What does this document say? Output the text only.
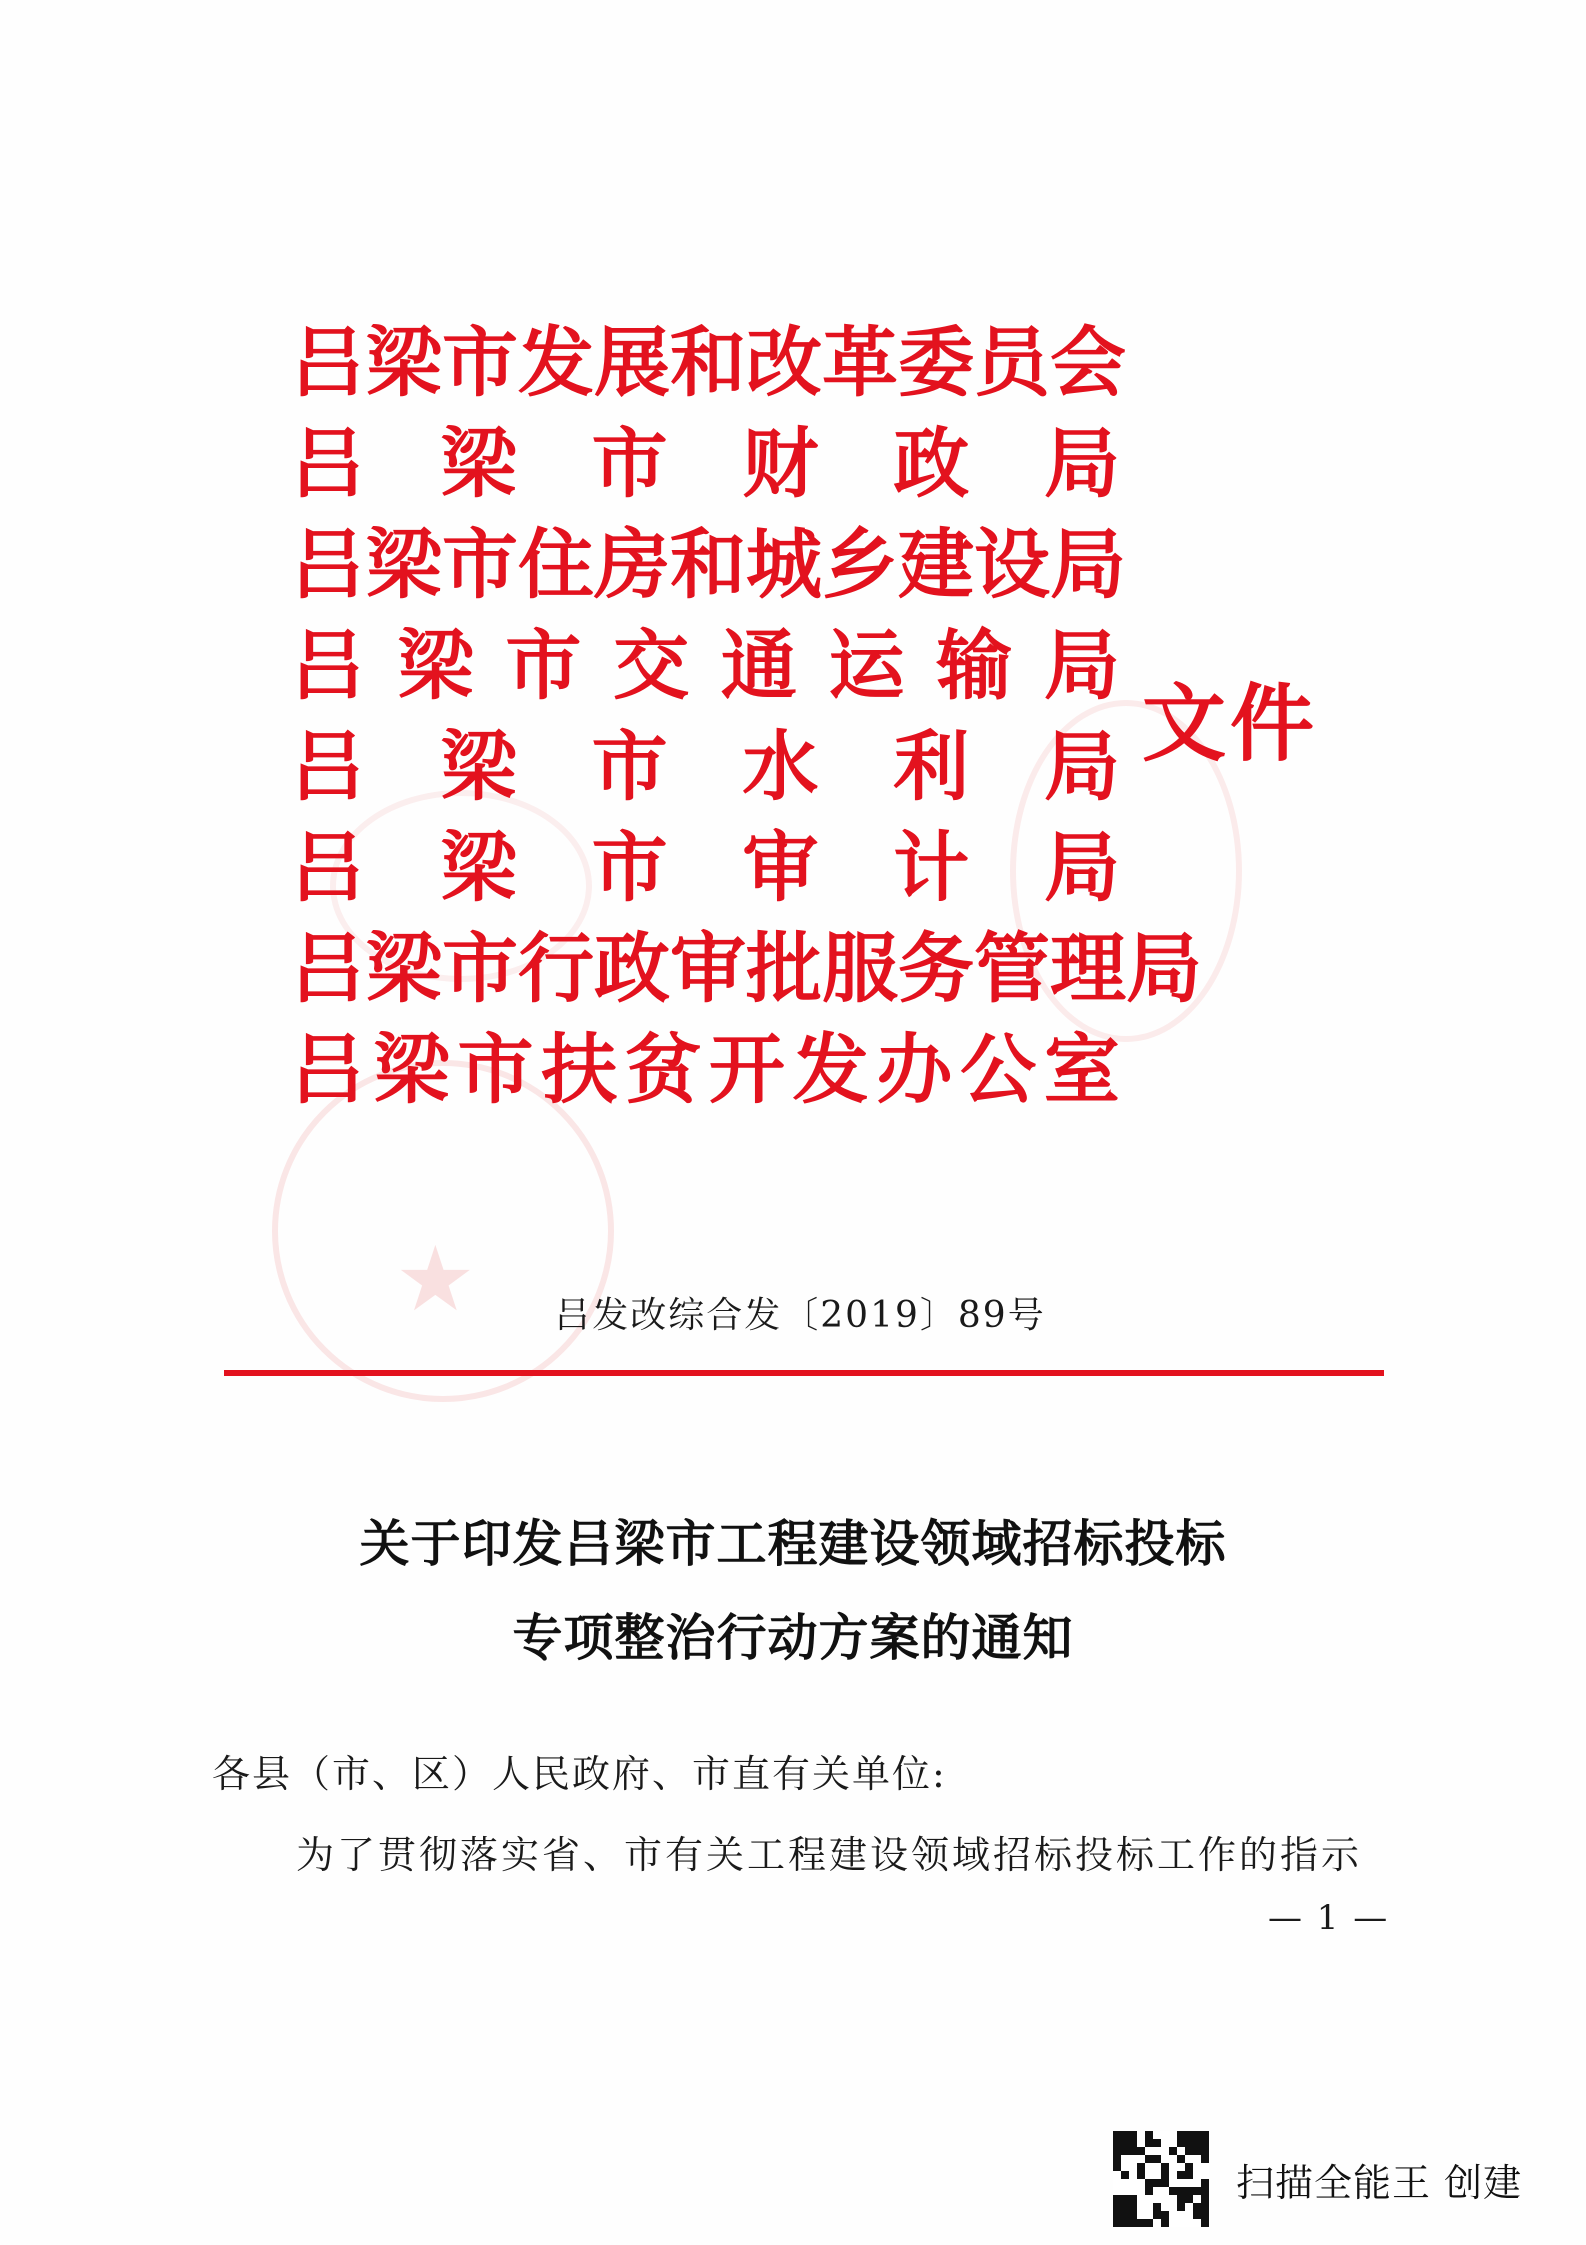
★
吕 梁 市 发 展 和 改 革 委 员 会
吕 梁 市 财 政 局
吕 梁 市 住 房 和 城 乡 建 设 局
吕 梁 市 交 通 运 输 局
吕 梁 市 水 利 局
吕 梁 市 审 计 局
吕 梁 市 行 政 审 批 服 务 管 理 局
吕 梁 市 扶 贫 开 发 办 公 室
文件
吕发改综合发〔2019〕89号
关于印发吕梁市工程建设领域招标投标
专项整治行动方案的通知
各县（市、区）人民政府、市直有关单位:
为了贯彻落实省、市有关工程建设领域招标投标工作的指示
— 1 —
扫描全能王 创建
